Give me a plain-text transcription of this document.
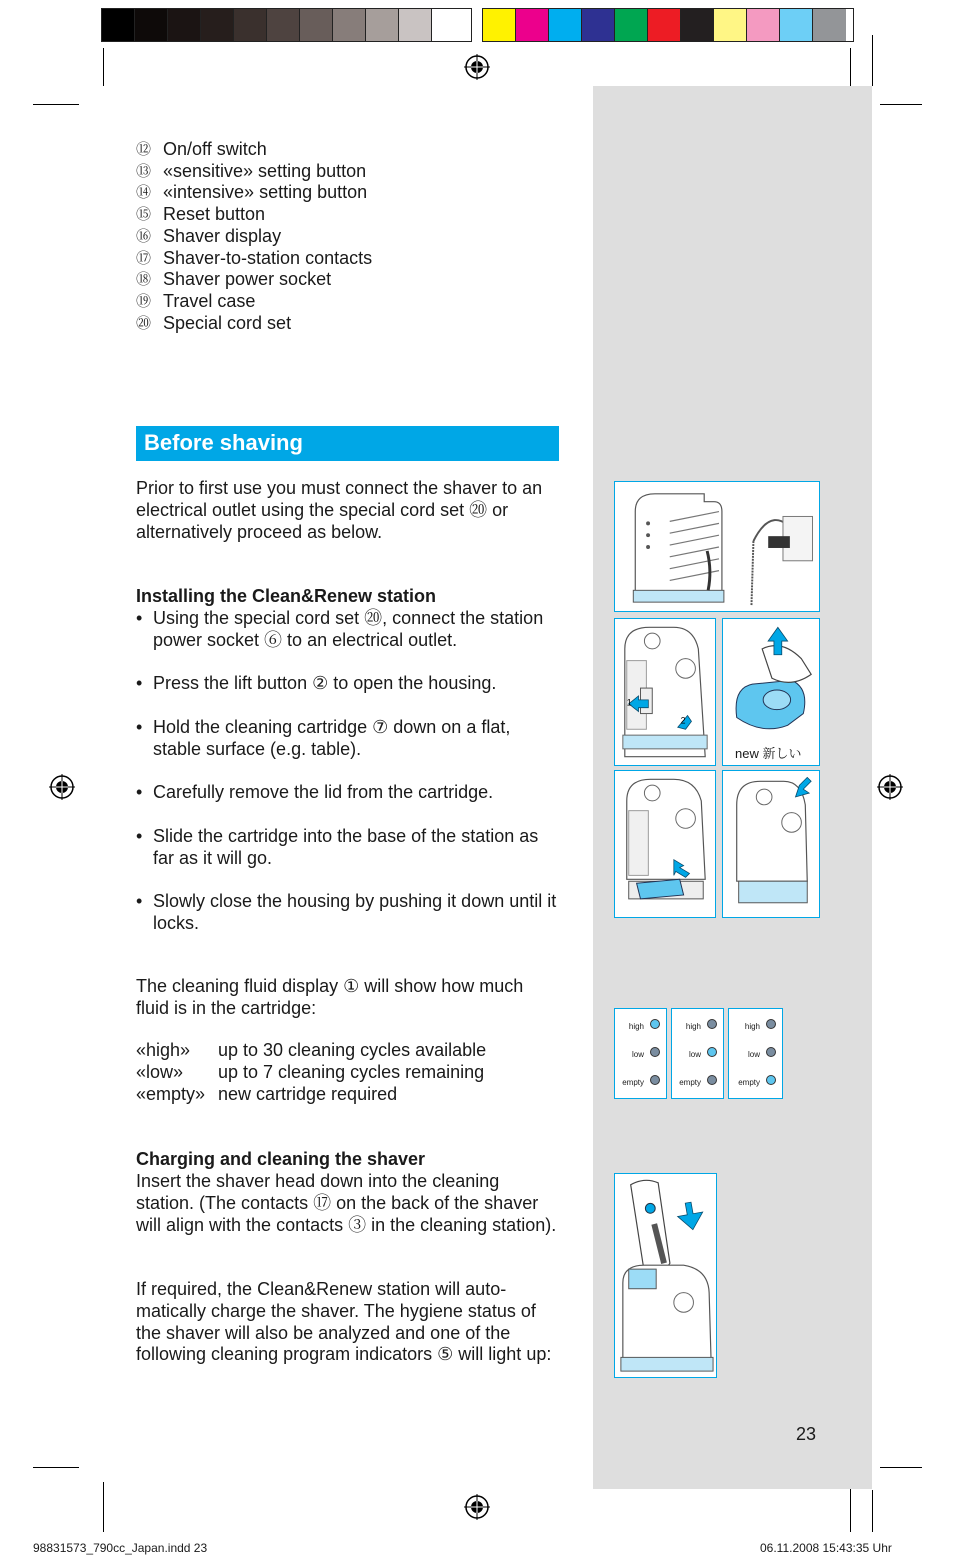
⑫ On/off switch
⑬ «sensitive» setting button
⑭ «intensive» setting button
⑮ Reset button
⑯ Shaver display
⑰ Shaver-to-station contacts
⑱ Shaver power socket
⑲ Travel case
⑳ Special cord set
Before shaving
Prior to first use you must connect the shaver to an electrical outlet using the special cord set ⑳ or alternatively proceed as below.
Installing the Clean&Renew station
• Using the special cord set ⑳, connect the station power socket ⑥ to an electrical outlet.
• Press the lift button ② to open the housing.
• Hold the cleaning cartridge ⑦ down on a flat, stable surface (e.g. table).
• Carefully remove the lid from the cartridge.
• Slide the cartridge into the base of the station as far as it will go.
• Slowly close the housing by pushing it down until it locks.
The cleaning fluid display ① will show how much fluid is in the cartridge:
«high»	up to 30 cleaning cycles available
«low»	up to 7 cleaning cycles remaining
«empty» new cartridge required
Charging and cleaning the shaver
Insert the shaver head down into the cleaning station. (The contacts ⑰ on the back of the shaver will align with the contacts ③ in the cleaning station).
If required, the Clean&Renew station will auto-matically charge the shaver. The hygiene status of the shaver will also be analyzed and one of the following cleaning program indicators ⑤ will light up:
1
2
new 新しい
high
low
empty
high
low
empty
high
low
empty
23
98831573_790cc_Japan.indd 23	06.11.2008 15:43:35 Uhr
